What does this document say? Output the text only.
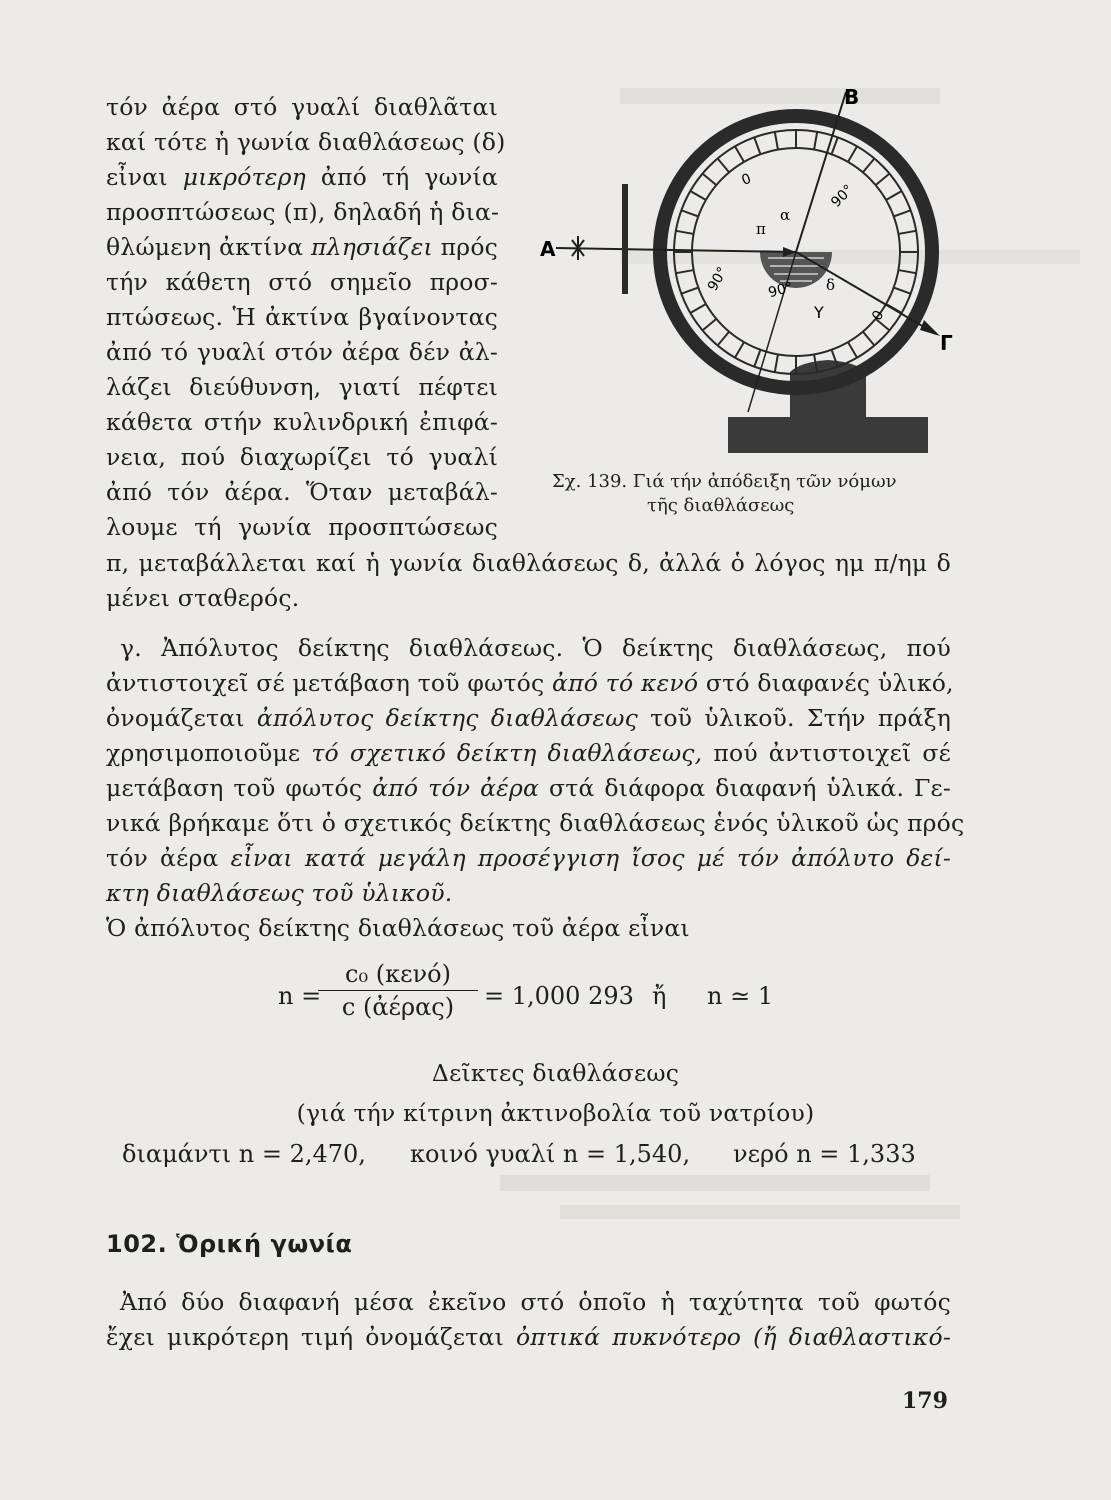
τόν ἀέρα στό γυαλί διαθλᾶται
καί τότε ἡ γωνία διαθλάσεως (δ)
εἶναι μικρότερη ἀπό τή γωνία
προσπτώσεως (π), δηλαδή ἡ δια-
θλώμενη ἀκτίνα πλησιάζει πρός
τήν κάθετη στό σημεῖο προσ-
πτώσεως. Ἡ ἀκτίνα βγαίνοντας
ἀπό τό γυαλί στόν ἀέρα δέν ἀλ-
λάζει διεύθυνση, γιατί πέφτει
κάθετα στήν κυλινδρική ἐπιφά-
νεια, πού διαχωρίζει τό γυαλί
ἀπό τόν ἀέρα. Ὅταν μεταβάλ-
λουμε τή γωνία προσπτώσεως
π, μεταβάλλεται καί ἡ γωνία διαθλάσεως δ, ἀλλά ὁ λόγος ημ π/ημ δ
μένει σταθερός.
Α
B
Γ
Υ
90°
90°	90°
0
0
π
α
δ
Σχ. 139. Γιά τήν ἀπόδειξη τῶν νόμων
τῆς διαθλάσεως
γ. Ἀπόλυτος δείκτης διαθλάσεως. Ὁ δείκτης διαθλάσεως, πού
ἀντιστοιχεῖ σέ μετάβαση τοῦ φωτός ἀπό τό κενό στό διαφανές ὑλικό,
ὀνομάζεται ἀπόλυτος δείκτης διαθλάσεως τοῦ ὑλικοῦ. Στήν πράξη
χρησιμοποιοῦμε τό σχετικό δείκτη διαθλάσεως, πού ἀντιστοιχεῖ σέ
μετάβαση τοῦ φωτός ἀπό τόν ἀέρα στά διάφορα διαφανή ὑλικά. Γε-
νικά βρήκαμε ὅτι ὁ σχετικός δείκτης διαθλάσεως ἑνός ὑλικοῦ ὡς πρός
τόν ἀέρα εἶναι κατά μεγάλη προσέγγιση ἴσος μέ τόν ἀπόλυτο δεί-
κτη διαθλάσεως τοῦ ὑλικοῦ.
Ὁ ἀπόλυτος δείκτης διαθλάσεως τοῦ ἀέρα εἶναι
n =
c₀ (κενό)
c (ἀέρας)	= 1,000 293 ἤ n ≃ 1
Δεῖκτες διαθλάσεως
(γιά τήν κίτρινη ἀκτινοβολία τοῦ νατρίου)
διαμάντι n = 2,470, κοινό γυαλί n = 1,540, νερό n = 1,333
102. Ὁρική γωνία
Ἀπό δύο διαφανή μέσα ἐκεῖνο στό ὁποῖο ἡ ταχύτητα τοῦ φωτός
ἔχει μικρότερη τιμή ὀνομάζεται ὀπτικά πυκνότερο (ἤ διαθλαστικό-
179
